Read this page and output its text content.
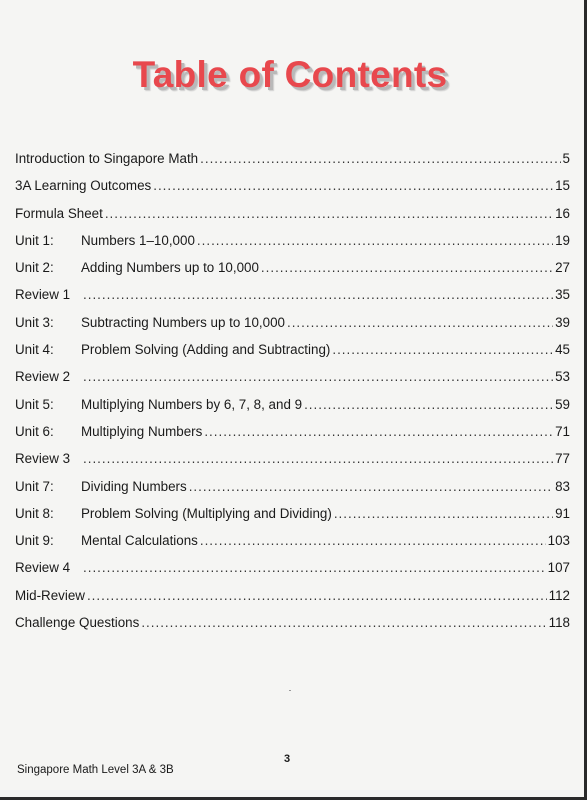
Table of Contents
Introduction to Singapore Math .....	5
3A Learning Outcomes .....	15
Formula Sheet .....	16
Unit 1:	Numbers 1–10,000 .....	19
Unit 2:	Adding Numbers up to 10,000 .....	27
Review 1 .....	35
Unit 3:	Subtracting Numbers up to 10,000 .....	39
Unit 4:	Problem Solving (Adding and Subtracting) .....	45
Review 2 .....	53
Unit 5:	Multiplying Numbers by 6, 7, 8, and 9 .....	59
Unit 6:	Multiplying Numbers .....	71
Review 3 .....	77
Unit 7:	Dividing Numbers .....	83
Unit 8:	Problem Solving (Multiplying and Dividing) .....	91
Unit 9:	Mental Calculations .....	103
Review 4 .....	107
Mid-Review .....	112
Challenge Questions .....	118
3
Singapore Math Level 3A & 3B
